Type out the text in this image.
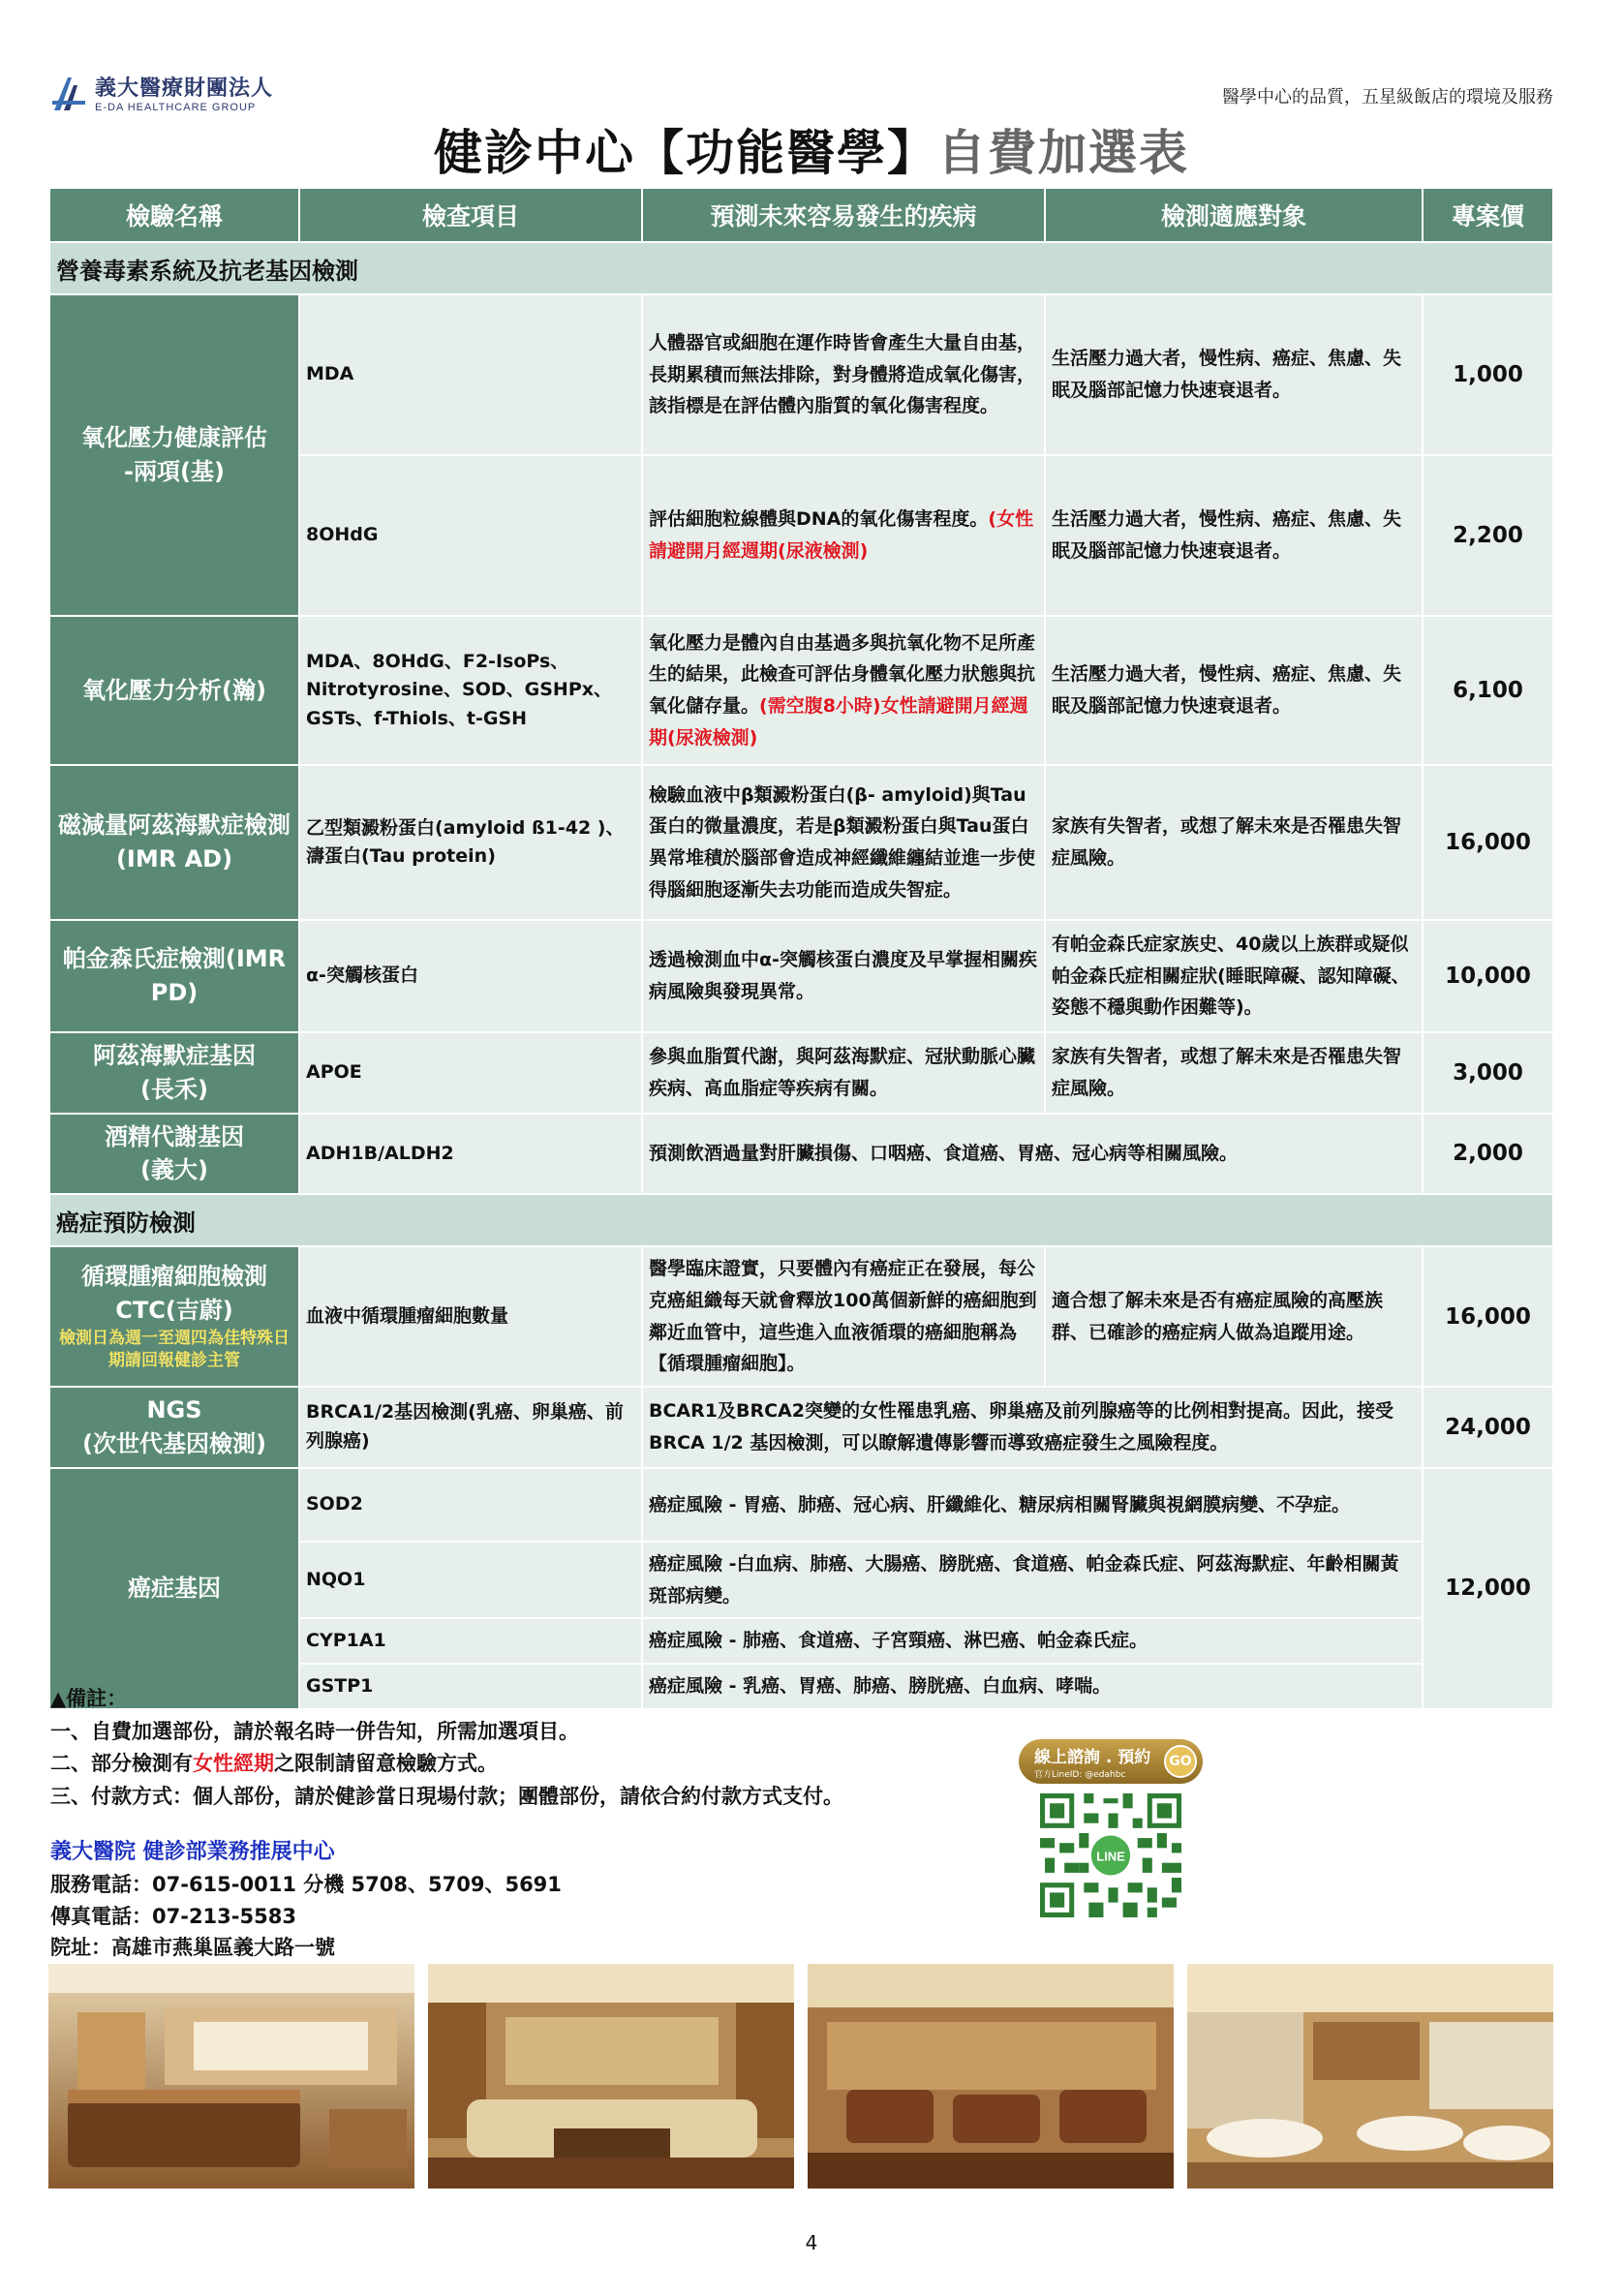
義大醫療財團法人
E-DA HEALTHCARE GROUP	醫學中心的品質，五星級飯店的環境及服務
健診中心【功能醫學】自費加選表
檢驗名稱	檢查項目	預測未來容易發生的疾病	檢測適應對象	專案價
營養毒素系統及抗老基因檢測				
氧化壓力健康評估
-兩項(基)	MDA	人體器官或細胞在運作時皆會產生大量自由基，長期累積而無法排除，對身體將造成氧化傷害，該指標是在評估體內脂質的氧化傷害程度。	生活壓力過大者，慢性病、癌症、焦慮、失眠及腦部記憶力快速衰退者。	1,000
	8OHdG	評估細胞粒線體與DNA的氧化傷害程度。(女性請避開月經週期(尿液檢測)	生活壓力過大者，慢性病、癌症、焦慮、失眠及腦部記憶力快速衰退者。	2,200
氧化壓力分析(瀚)	MDA、8OHdG、F2-IsoPs、Nitrotyrosine、SOD、GSHPx、GSTs、f-Thiols、t-GSH	氧化壓力是體內自由基過多與抗氧化物不足所產生的結果，此檢查可評估身體氧化壓力狀態與抗氧化儲存量。(需空腹8小時)女性請避開月經週期(尿液檢測)	生活壓力過大者，慢性病、癌症、焦慮、失眠及腦部記憶力快速衰退者。	6,100
磁減量阿茲海默症檢測
(IMR AD)	乙型類澱粉蛋白(amyloid ß1-42 )、濤蛋白(Tau protein)	檢驗血液中β類澱粉蛋白(β- amyloid)與Tau蛋白的微量濃度，若是β類澱粉蛋白與Tau蛋白異常堆積於腦部會造成神經纖維纏結並進一步使得腦細胞逐漸失去功能而造成失智症。	家族有失智者，或想了解未來是否罹患失智症風險。	16,000
帕金森氏症檢測(IMR
PD)	α-突觸核蛋白	透過檢測血中α-突觸核蛋白濃度及早掌握相關疾病風險與發現異常。	有帕金森氏症家族史、40歲以上族群或疑似帕金森氏症相關症狀(睡眠障礙、認知障礙、姿態不穩與動作困難等)。	10,000
阿茲海默症基因
(長禾)	APOE	參與血脂質代謝，與阿茲海默症、冠狀動脈心臟疾病、高血脂症等疾病有關。	家族有失智者，或想了解未來是否罹患失智症風險。	3,000
酒精代謝基因
(義大)	ADH1B/ALDH2	預測飲酒過量對肝臟損傷、口咽癌、食道癌、胃癌、冠心病等相關風險。		2,000
癌症預防檢測				
循環腫瘤細胞檢測
CTC(吉蔚)
檢測日為週一至週四為佳特殊日期請回報健診主管	血液中循環腫瘤細胞數量	醫學臨床證實，只要體內有癌症正在發展，每公克癌組織每天就會釋放100萬個新鮮的癌細胞到鄰近血管中，這些進入血液循環的癌細胞稱為【循環腫瘤細胞】。	適合想了解未來是否有癌症風險的高壓族群、已確診的癌症病人做為追蹤用途。	16,000
NGS
(次世代基因檢測)	BRCA1/2基因檢測(乳癌、卵巢癌、前列腺癌)	BCAR1及BRCA2突變的女性罹患乳癌、卵巢癌及前列腺癌等的比例相對提高。因此，接受BRCA 1/2 基因檢測，可以瞭解遺傳影響而導致癌症發生之風險程度。		24,000
癌症基因	SOD2	癌症風險 - 胃癌、肺癌、冠心病、肝纖維化、糖尿病相關腎臟與視網膜病變、不孕症。		12,000
	NQO1	癌症風險 -白血病、肺癌、大腸癌、膀胱癌、食道癌、帕金森氏症、阿茲海默症、年齡相關黃斑部病變。		
	CYP1A1	癌症風險 - 肺癌、食道癌、子宮頸癌、淋巴癌、帕金森氏症。		
	GSTP1	癌症風險 - 乳癌、胃癌、肺癌、膀胱癌、白血病、哮喘。		
▲備註：
一、自費加選部份，請於報名時一併告知，所需加選項目。
二、部分檢測有女性經期之限制請留意檢驗方式。
三、付款方式：個人部份，請於健診當日現場付款；團體部份，請依合約付款方式支付。
義大醫院 健診部業務推展中心
服務電話：07-615-0011 分機 5708、5709、5691
傳真電話：07-213-5583
院址：高雄市燕巢區義大路一號
線上諮詢 . 預約
官方LineID: @edahbc
GO
LINE
4
